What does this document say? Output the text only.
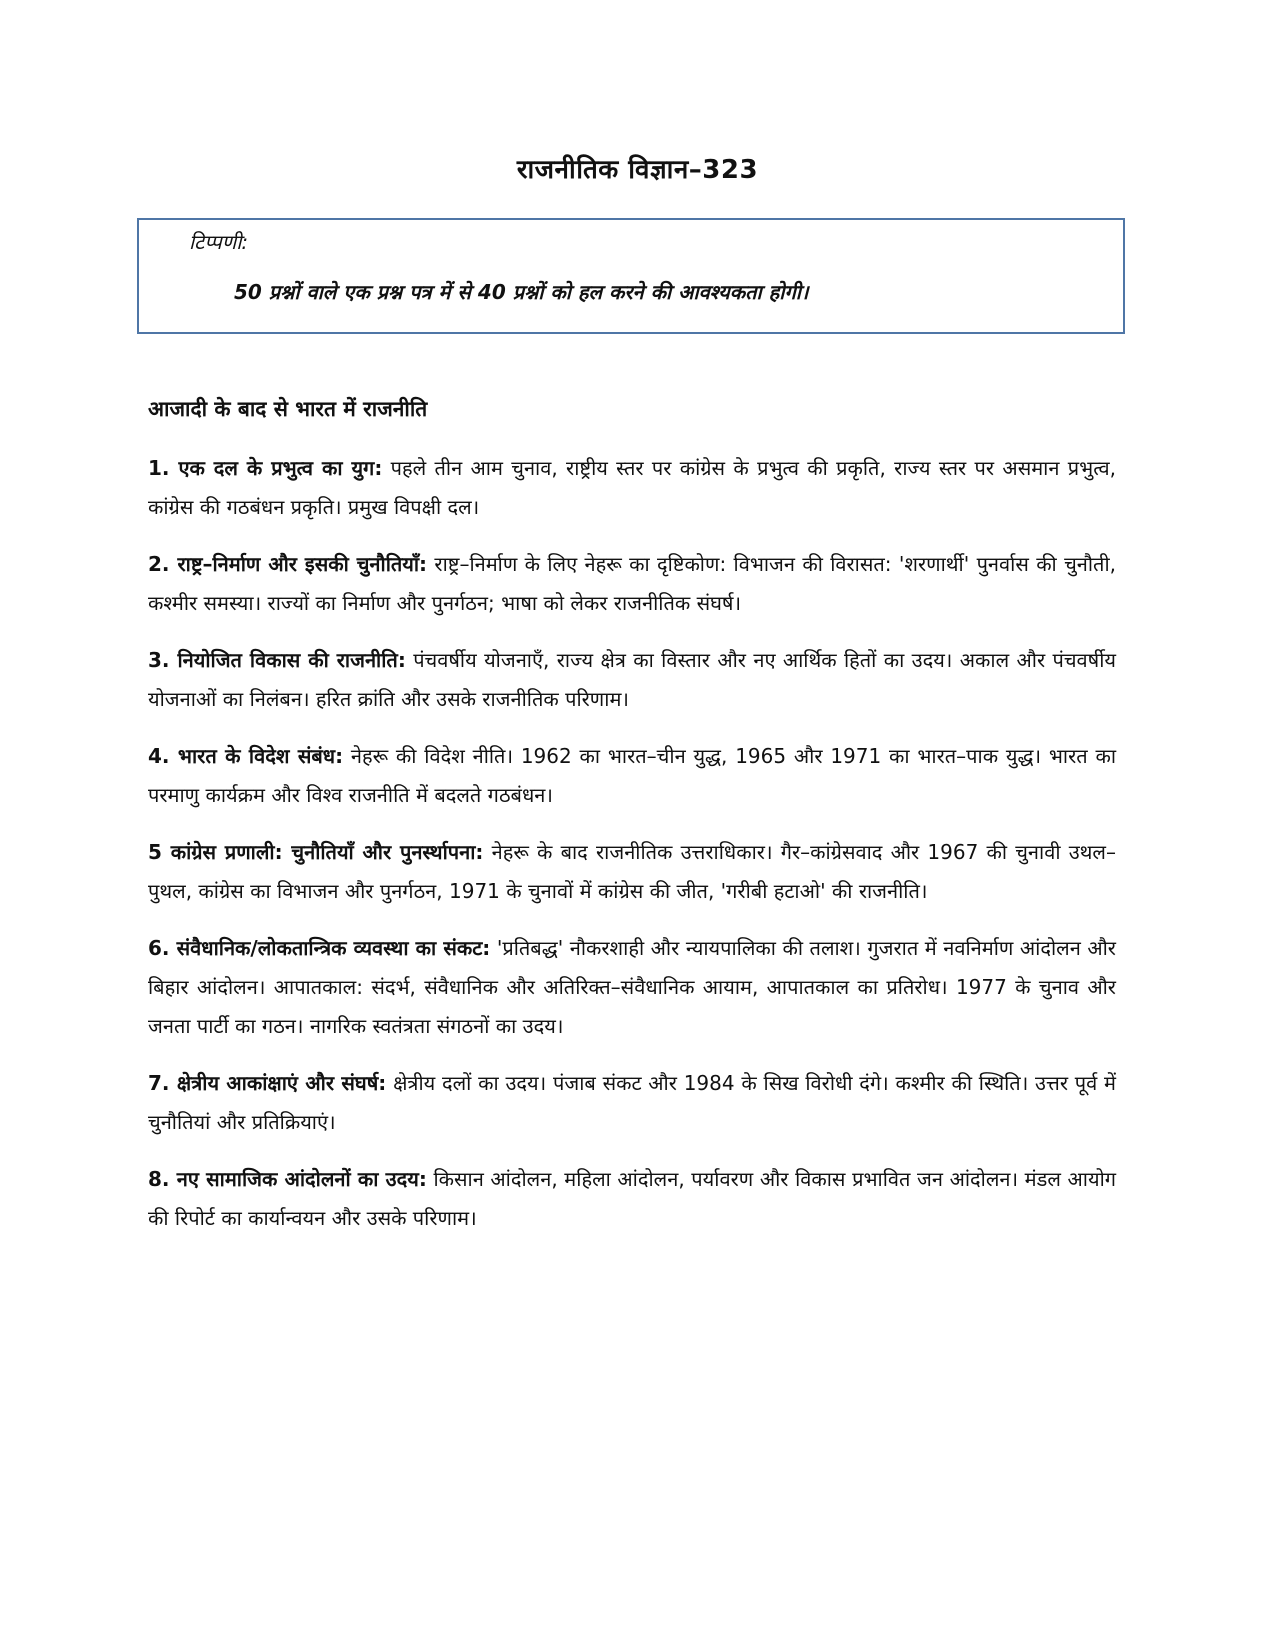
राजनीतिक विज्ञान–323
टिप्पणी:
50 प्रश्नों वाले एक प्रश्न पत्र में से 40 प्रश्नों को हल करने की आवश्यकता होगी।
आजादी के बाद से भारत में राजनीति

1. एक दल के प्रभुत्व का युग: पहले तीन आम चुनाव, राष्ट्रीय स्तर पर कांग्रेस के प्रभुत्व की प्रकृति, राज्य स्तर पर असमान प्रभुत्व, कांग्रेस की गठबंधन प्रकृति। प्रमुख विपक्षी दल।

2. राष्ट्र–निर्माण और इसकी चुनौतियाँ: राष्ट्र–निर्माण के लिए नेहरू का दृष्टिकोण: विभाजन की विरासत: 'शरणार्थी' पुनर्वास की चुनौती, कश्मीर समस्या। राज्यों का निर्माण और पुनर्गठन; भाषा को लेकर राजनीतिक संघर्ष।

3. नियोजित विकास की राजनीति: पंचवर्षीय योजनाएँ, राज्य क्षेत्र का विस्तार और नए आर्थिक हितों का उदय। अकाल और पंचवर्षीय योजनाओं का निलंबन। हरित क्रांति और उसके राजनीतिक परिणाम।

4. भारत के विदेश संबंध: नेहरू की विदेश नीति। 1962 का भारत–चीन युद्ध, 1965 और 1971 का भारत–पाक युद्ध। भारत का परमाणु कार्यक्रम और विश्व राजनीति में बदलते गठबंधन।

5 कांग्रेस प्रणाली: चुनौतियाँ और पुनर्स्थापना: नेहरू के बाद राजनीतिक उत्तराधिकार। गैर–कांग्रेसवाद और 1967 की चुनावी उथल–पुथल, कांग्रेस का विभाजन और पुनर्गठन, 1971 के चुनावों में कांग्रेस की जीत, 'गरीबी हटाओ' की राजनीति।

6. संवैधानिक/लोकतान्त्रिक व्यवस्था का संकट: 'प्रतिबद्ध' नौकरशाही और न्यायपालिका की तलाश। गुजरात में नवनिर्माण आंदोलन और बिहार आंदोलन। आपातकाल: संदर्भ, संवैधानिक और अतिरिक्त–संवैधानिक आयाम, आपातकाल का प्रतिरोध। 1977 के चुनाव और जनता पार्टी का गठन। नागरिक स्वतंत्रता संगठनों का उदय।

7. क्षेत्रीय आकांक्षाएं और संघर्ष: क्षेत्रीय दलों का उदय। पंजाब संकट और 1984 के सिख विरोधी दंगे। कश्मीर की स्थिति। उत्तर पूर्व में चुनौतियां और प्रतिक्रियाएं।

8. नए सामाजिक आंदोलनों का उदय: किसान आंदोलन, महिला आंदोलन, पर्यावरण और विकास प्रभावित जन आंदोलन। मंडल आयोग की रिपोर्ट का कार्यान्वयन और उसके परिणाम।
